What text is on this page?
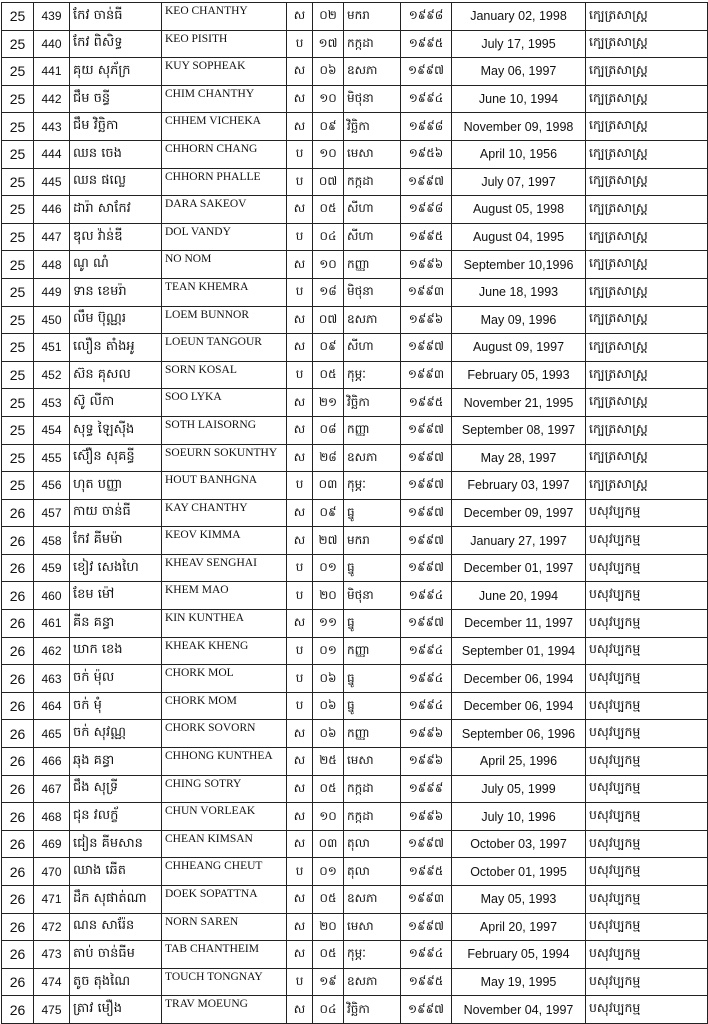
25	439	កែវ ចាន់ធី	KEO CHANTHY	ស	០២	មករា	១៩៩៨	January 02, 1998	ក្បេត្រសាស្ត្រ
25	440	កែវ ពិសិទ្ធ	KEO PISITH	ប	១៧	កក្កដា	១៩៩៥	July 17, 1995	ក្បេត្រសាស្ត្រ
25	441	គុយ សុភ័ក្រ	KUY SOPHEAK	ស	០៦	ឧសភា	១៩៩៧	May 06, 1997	ក្បេត្រសាស្ត្រ
25	442	ជឹម ចន្ធី	CHIM CHANTHY	ស	១០	មិថុនា	១៩៩៤	June 10, 1994	ក្បេត្រសាស្ត្រ
25	443	ជឹម វិច្ឆិកា	CHHEM VICHEKA	ស	០៩	វិច្ឆិកា	១៩៩៨	November 09, 1998	ក្បេត្រសាស្ត្រ
25	444	ឈន ចេង	CHHORN CHANG	ប	១០	មេសា	១៩៥៦	April 10, 1956	ក្បេត្រសាស្ត្រ
25	445	ឈន ផល្លេ	CHHORN PHALLE	ប	០៧	កក្កដា	១៩៩៧	July 07, 1997	ក្បេត្រសាស្ត្រ
25	446	ដារ៉ា សាកែវ	DARA SAKEOV	ស	០៥	សីហា	១៩៩៨	August 05, 1998	ក្បេត្រសាស្ត្រ
25	447	ឌុល វ៉ាន់ឌី	DOL VANDY	ប	០៤	សីហា	១៩៩៥	August 04, 1995	ក្បេត្រសាស្ត្រ
25	448	ណូ ណំ	NO NOM	ស	១០	កញ្ញា	១៩៩៦	September 10,1996	ក្បេត្រសាស្ត្រ
25	449	ទាន ខេមរ៉ា	TEAN KHEMRA	ប	១៨	មិថុនា	១៩៩៣	June 18, 1993	ក្បេត្រសាស្ត្រ
25	450	លឹម ប៊ុណ្ណរ	LOEM BUNNOR	ស	០៧	ឧសភា	១៩៩៦	May 09, 1996	ក្បេត្រសាស្ត្រ
25	451	លឿន តាំងអូ	LOEUN TANGOUR	ស	០៩	សីហា	១៩៩៧	August 09, 1997	ក្បេត្រសាស្ត្រ
25	452	ស៊ន គុសល	SORN KOSAL	ប	០៥	កុម្ភៈ	១៩៩៣	February 05, 1993	ក្បេត្រសាស្ត្រ
25	453	ស៊ូ លីកា	SOO LYKA	ស	២១	វិច្ឆិកា	១៩៩៥	November 21, 1995	ក្បេត្រសាស្ត្រ
25	454	សុទ្ធ ឡៃស៊ីង	SOTH LAISORNG	ស	០៨	កញ្ញា	១៩៩៧	September 08, 1997	ក្បេត្រសាស្ត្រ
25	455	ស៊ឿន សុគន្ធី	SOEURN SOKUNTHY	ស	២៨	ឧសភា	១៩៩៧	May 28, 1997	ក្បេត្រសាស្ត្រ
25	456	ហុត បញ្ញា	HOUT BANHGNA	ប	០៣	កុម្ភៈ	១៩៩៧	February 03, 1997	ក្បេត្រសាស្ត្រ
26	457	កាយ ចាន់ធី	KAY CHANTHY	ស	០៩	ធ្នូ	១៩៩៧	December 09, 1997	បសុវប្បកម្ម
26	458	កែវ គីមម៉ា	KEOV KIMMA	ស	២៧	មករា	១៩៩៧	January 27, 1997	បសុវប្បកម្ម
26	459	ខៀវ សេងហៃ	KHEAV SENGHAI	ប	០១	ធ្នូ	១៩៩៧	December 01, 1997	បសុវប្បកម្ម
26	460	ខែម ម៉ៅ	KHEM MAO	ប	២០	មិថុនា	១៩៩៤	June 20, 1994	បសុវប្បកម្ម
26	461	គីន គន្ធា	KIN KUNTHEA	ស	១១	ធ្នូ	១៩៩៧	December 11, 1997	បសុវប្បកម្ម
26	462	ឃាក ខេង	KHEAK KHENG	ប	០១	កញ្ញា	១៩៩៤	September 01, 1994	បសុវប្បកម្ម
26	463	ចក់ ម៉ុល	CHORK MOL	ប	០៦	ធ្នូ	១៩៩៤	December 06, 1994	បសុវប្បកម្ម
26	464	ចក់ មុំ	CHORK MOM	ប	០៦	ធ្នូ	១៩៩៤	December 06, 1994	បសុវប្បកម្ម
26	465	ចក់ សុវណ្ណ	CHORK SOVORN	ស	០៦	កញ្ញា	១៩៩៦	September 06, 1996	បសុវប្បកម្ម
26	466	ឆុង គន្ធា	CHHONG KUNTHEA	ស	២៥	មេសា	១៩៩៦	April 25, 1996	បសុវប្បកម្ម
26	467	ជឹង សុទ្រី	CHING SOTRY	ស	០៥	កក្កដា	១៩៩៩	July 05, 1999	បសុវប្បកម្ម
26	468	ជុន វលក្ខ័	CHUN VORLEAK	ស	១០	កក្កដា	១៩៩៦	July 10, 1996	បសុវប្បកម្ម
26	469	ជៀន គីមសាន	CHEAN KIMSAN	ស	០៣	តុលា	១៩៩៧	October 03, 1997	បសុវប្បកម្ម
26	470	ឈាង ឆើត	CHHEANG CHEUT	ប	០១	តុលា	១៩៩៥	October 01, 1995	បសុវប្បកម្ម
26	471	ដឹក សុផាត់ណា	DOEK SOPATTNA	ស	០៥	ឧសភា	១៩៩៣	May 05, 1993	បសុវប្បកម្ម
26	472	ណន សារ៉ែន	NORN SAREN	ស	២០	មេសា	១៩៩៧	April 20, 1997	បសុវប្បកម្ម
26	473	តាប់ ចាន់ធីម	TAB CHANTHEIM	ស	០៥	កុម្ភៈ	១៩៩៤	February 05, 1994	បសុវប្បកម្ម
26	474	តូច តុងណៃ	TOUCH TONGNAY	ប	១៩	ឧសភា	១៩៩៥	May 19, 1995	បសុវប្បកម្ម
26	475	ត្រាវ មឿង	TRAV MOEUNG	ស	០៤	វិច្ឆិកា	១៩៩៧	November 04, 1997	បសុវប្បកម្ម
